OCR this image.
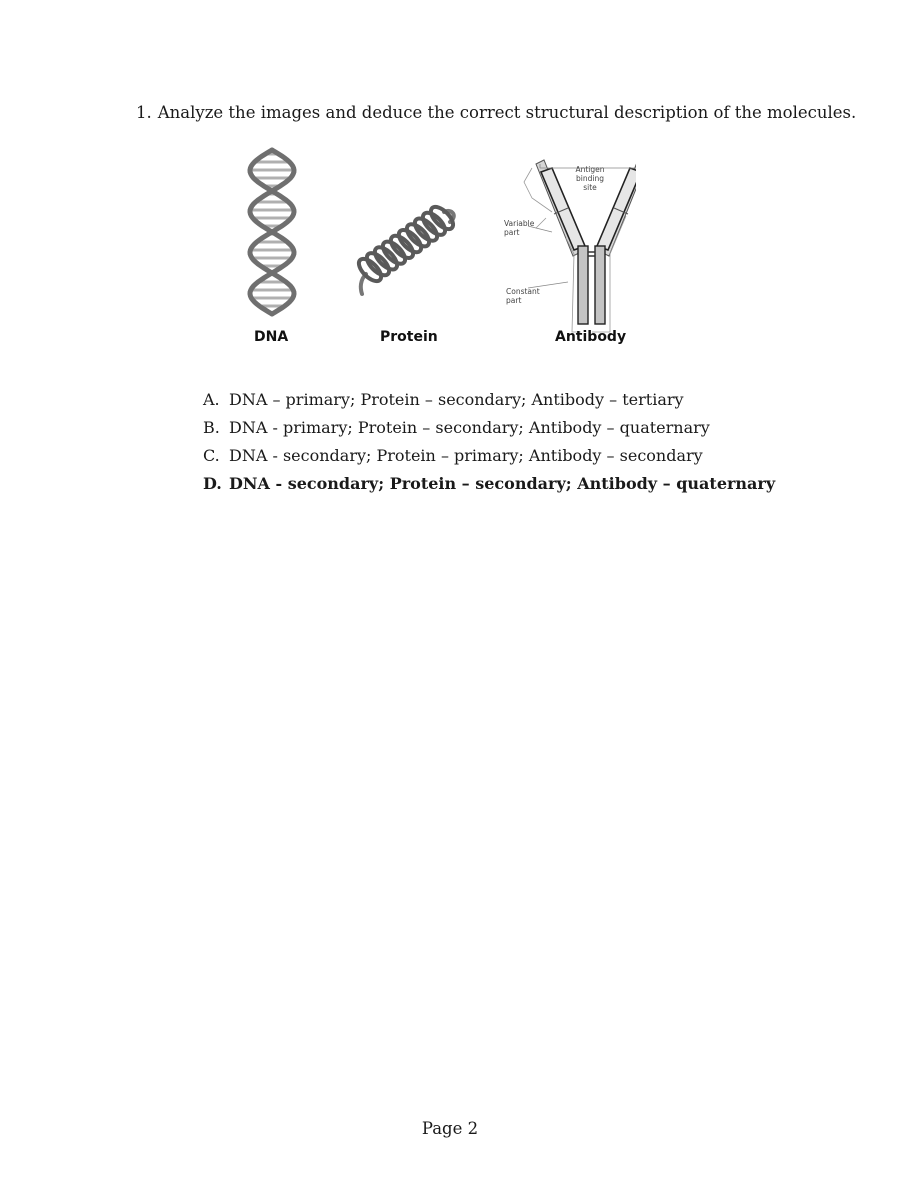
1. Analyze the images and deduce the correct structural description of the molecules.
Antigen
binding
site
Variable
part
Constant
part
DNA	Protein	Antibody
A. DNA – primary; Protein – secondary; Antibody – tertiary
B. DNA - primary; Protein – secondary; Antibody – quaternary
C. DNA - secondary; Protein – primary; Antibody – secondary
D. DNA - secondary; Protein – secondary; Antibody – quaternary
Page 2
